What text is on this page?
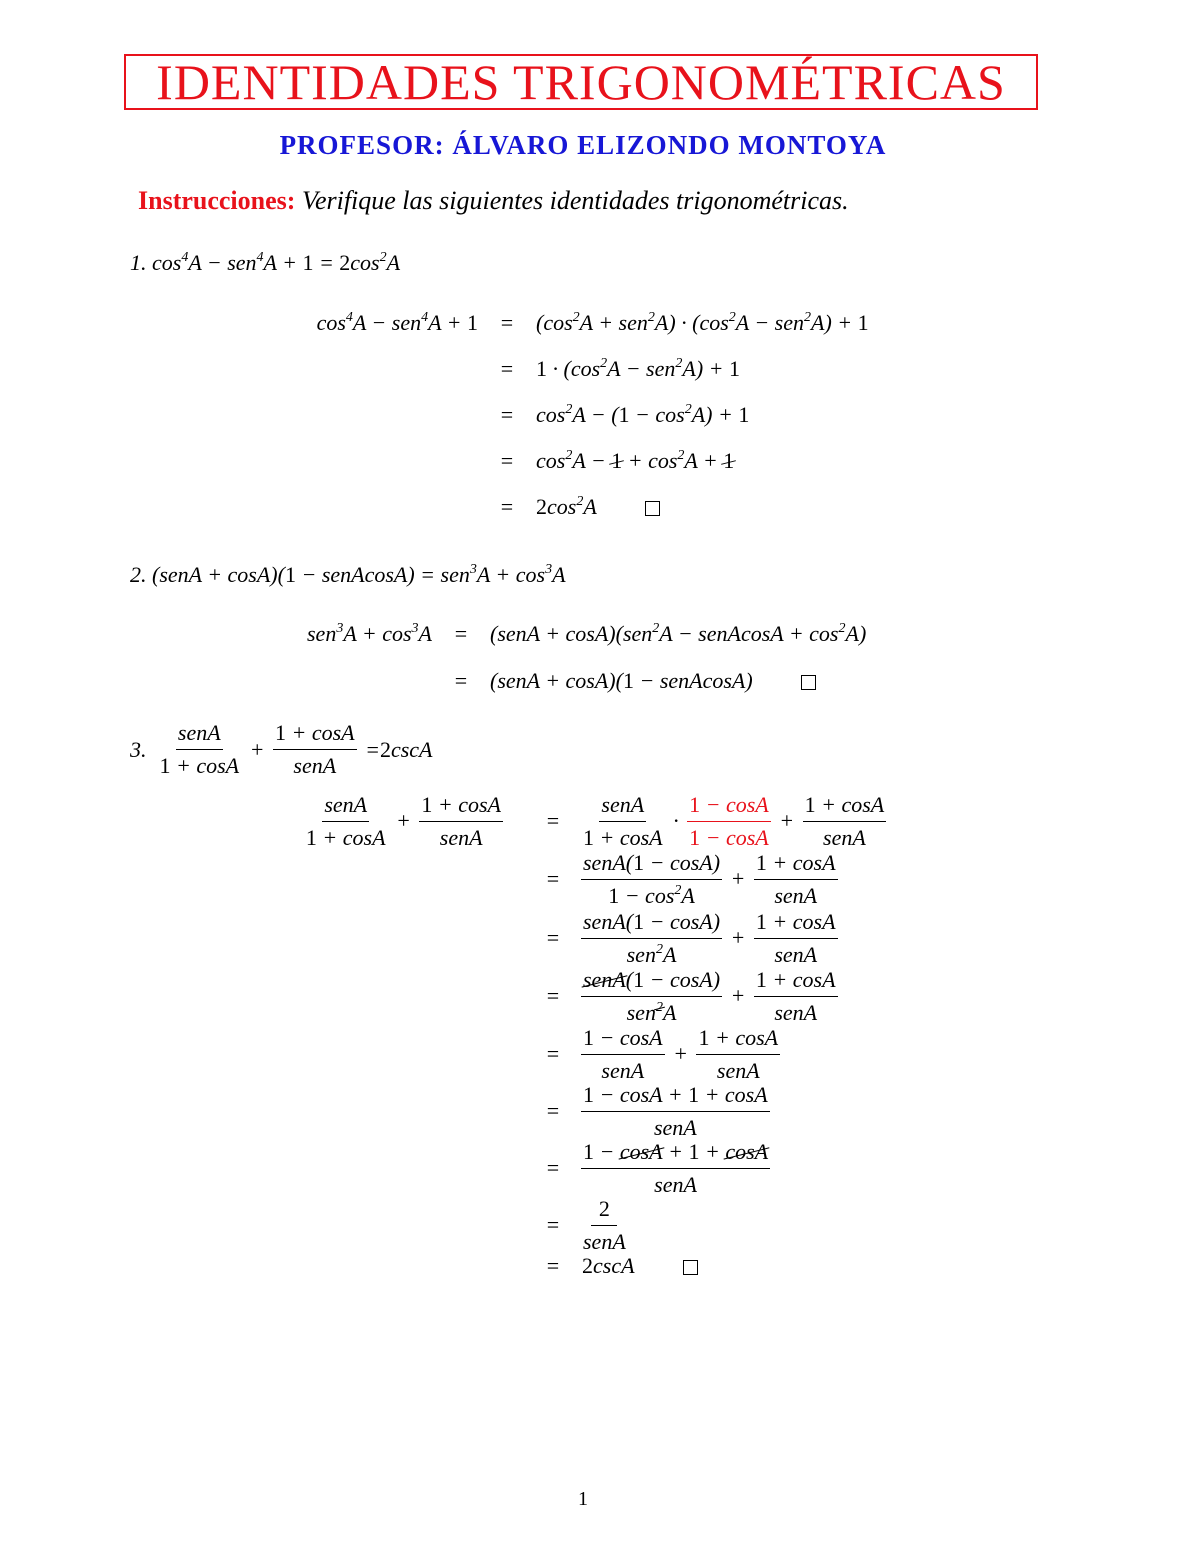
IDENTIDADES TRIGONOMÉTRICAS
PROFESOR: ÁLVARO ELIZONDO MONTOYA
Instrucciones: Verifique las siguientes identidades trigonométricas.
1. $\cos^4A - sen^4A + 1 = 2\cos^2A$
$\cos^4A - sen^4A + 1$	=	$(\cos^2A + sen^2A) \cdot (\cos^2A - sen^2A) + 1$
=	$1 \cdot (\cos^2A - sen^2A) + 1$
=	$\cos^2A - (1 - \cos^2A) + 1$
=	$\cos^2A - 1 + \cos^2A + 1$
=	$2\cos^2A$
2. (senA + cosA)(1 − senAcosA) = $sen^3A + \cos^3A$
$sen^3A + \cos^3A$	=	(senA + cosA)(sen$^2$A − senAcosA + $\cos^2A$)
=	(senA + cosA)(1 − senAcosA)
3. $\frac{\text{senA}}{1 + \cos A} + \frac{1 + \cos A}{\text{senA}} = 2$ cscA
$\frac{\text{senA}}{1 + \cos A} + \frac{1 + \cos A}{\text{senA}}$	= $\frac{\text{senA}}{1 + \cos A} \cdot \frac{1 - \cos A}{1 - \cos A} + \frac{1 + \cos A}{\text{senA}}$
= $\frac{\text{senA(1 − cosA)}}{1 - \cos^2A} + \frac{1 + \cos A}{\text{senA}}$
= $\frac{\text{senA(1 − cosA)}}{sen^2A} + \frac{1 + \cos A}{\text{senA}}$
= $\frac{\text{senA(1 − cosA)}}{sen^2A} + \frac{1 + \cos A}{\text{senA}}$
= $\frac{1 - \cos A}{\text{senA}} + \frac{1 + \cos A}{\text{senA}}$
= $\frac{1 - \cos A + 1 + \cos A}{\text{senA}}$
= $\frac{1 - \cos A + 1 + \cos A}{\text{senA}}$
= $\frac{2}{\text{senA}}$
=	2cscA
1
